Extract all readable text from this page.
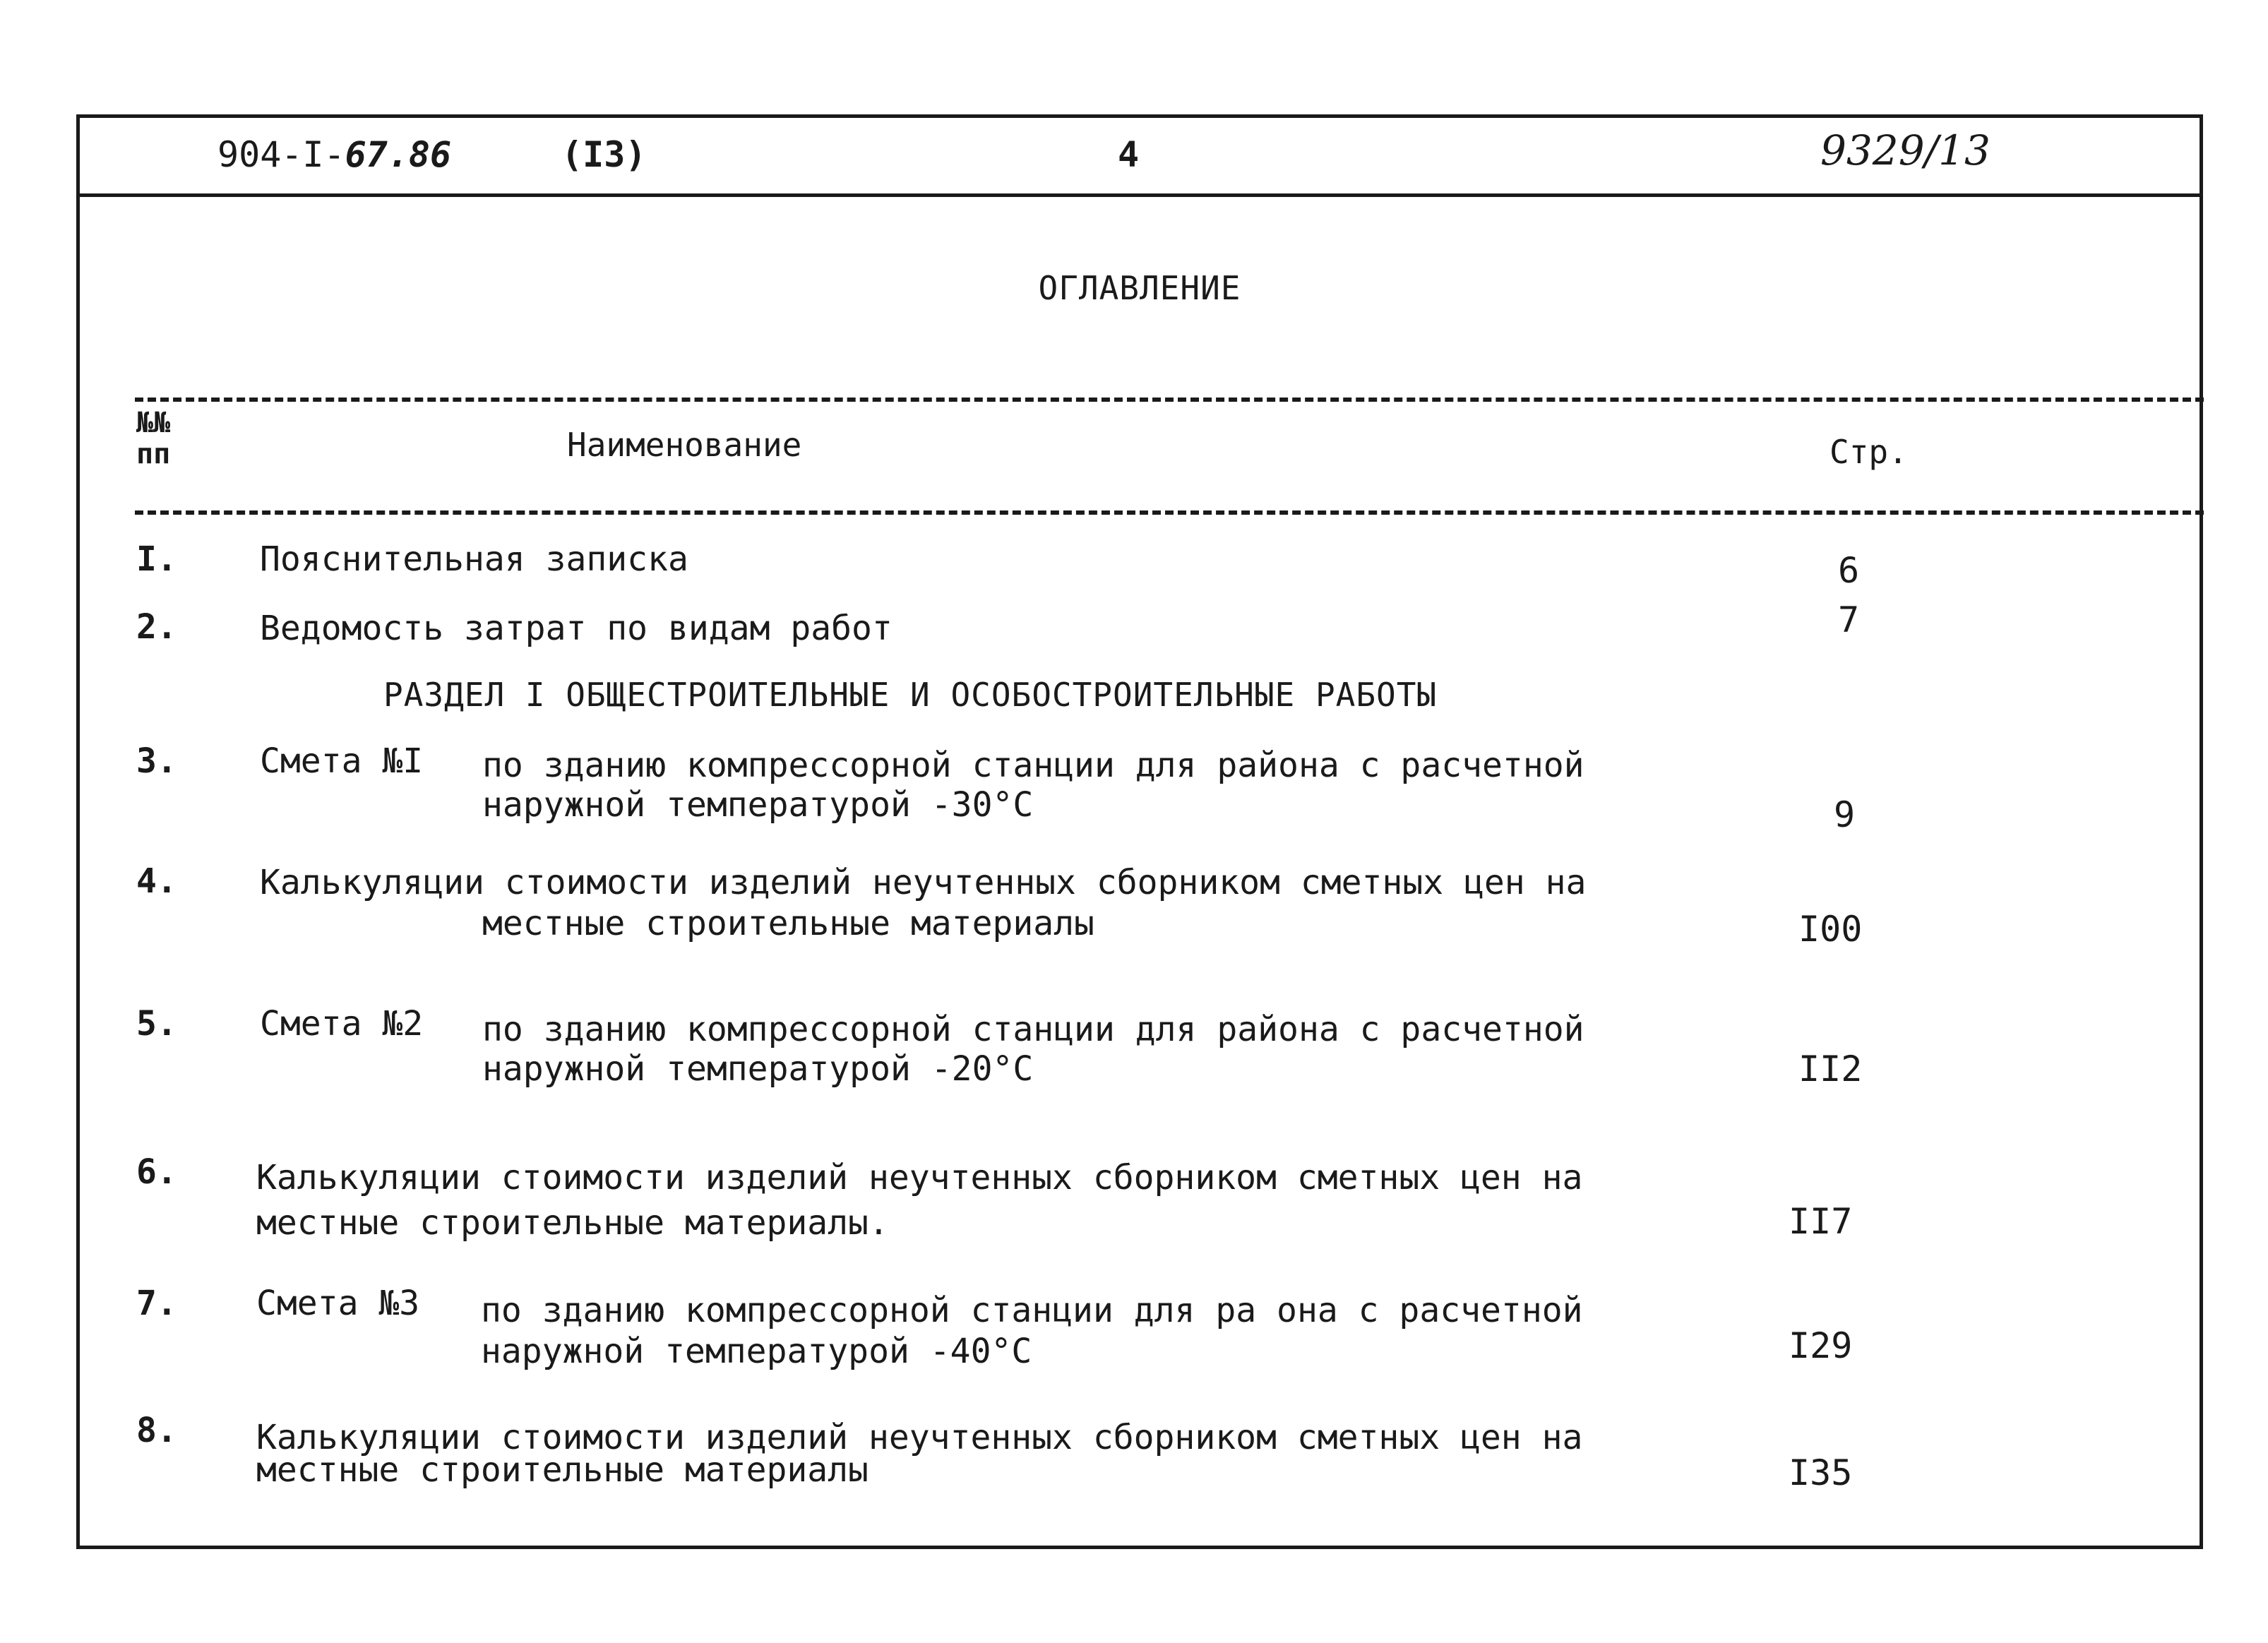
904-I-67.86	(I3)	4	9329/13
ОГЛАВЛЕНИЕ
№№
пп	Наименование	Стр.
I. Пояснительная записка	6
2. Ведомость затрат по видам работ	7
РАЗДЕЛ I ОБЩЕСТРОИТЕЛЬНЫЕ И ОСОБОСТРОИТЕЛЬНЫЕ РАБОТЫ
3. Смета №I по зданию компрессорной станции для района с расчетной
наружной температурой -30°С	9
4. Калькуляции стоимости изделий неучтенных сборником сметных цен на
местные строительные материалы	I00
5. Смета №2 по зданию компрессорной станции для района с расчетной
наружной температурой -20°С	II2
6. Калькуляции стоимости изделий неучтенных сборником сметных цен на
местные строительные материалы.	II7
7. Смета №3 по зданию компрессорной станции для ра она с расчетной
наружной температурой -40°С	I29
8. Калькуляции стоимости изделий неучтенных сборником сметных цен на
местные строительные материалы	I35
